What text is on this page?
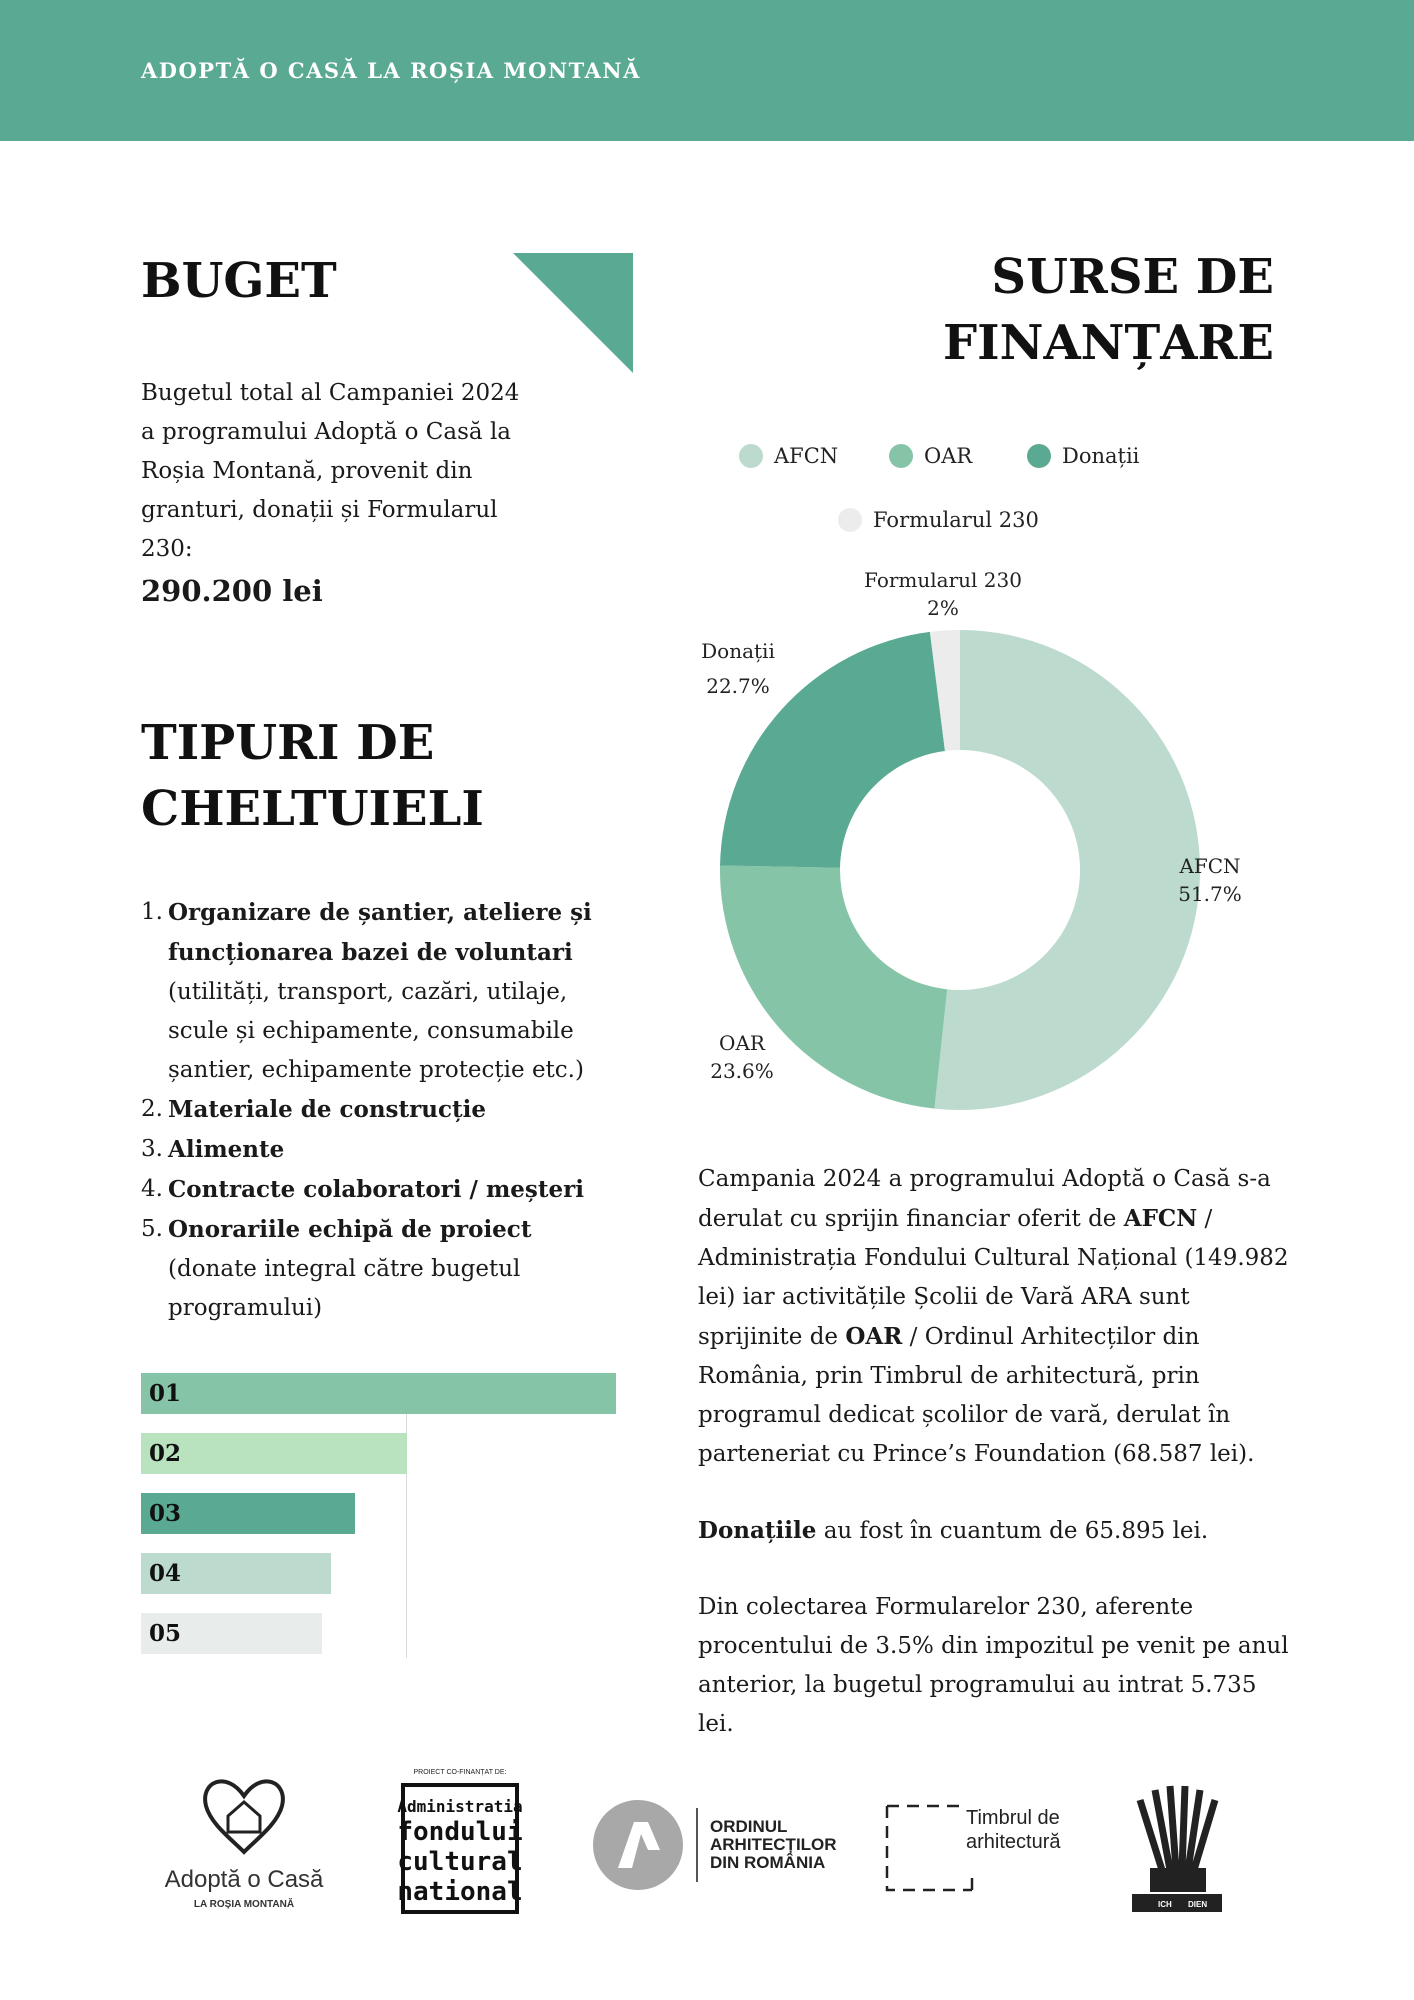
ADOPTĂ O CASĂ LA ROȘIA MONTANĂ
BUGET
Bugetul total al Campaniei 2024 a programului Adoptă o Casă la Roșia Montană, provenit din granturi, donații și Formularul 230:
290.200 lei
SURSE DE
FINANȚARE
TIPURI DE
CHELTUIELI
1. Organizare de șantier, ateliere și funcționarea bazei de voluntari (utilități, transport, cazări, utilaje, scule și echipamente, consumabile șantier, echipamente protecție etc.)
2. Materiale de construcție
3. Alimente
4. Contracte colaboratori / meșteri
5. Onorariile echipă de proiect (donate integral către bugetul programului)
01
02
03
04
05
AFCN	OAR	Donații
Formularul 230
AFCN
51.7%
OAR
23.6%
Donații
22.7%
Formularul 230
2%

Campania 2024 a programului Adoptă o Casă s-a derulat cu sprijin financiar oferit de AFCN / Administrația Fondului Cultural Național (149.982 lei) iar activitățile Școlii de Vară ARA sunt sprijinite de OAR / Ordinul Arhitecților din România, prin Timbrul de arhitectură, prin programul dedicat școlilor de vară, derulat în parteneriat cu Prince’s Foundation (68.587 lei).

Donațiile au fost în cuantum de 65.895 lei.

Din colectarea Formularelor 230, aferente procentului de 3.5% din impozitul pe venit pe anul anterior, la bugetul programului au intrat 5.735 lei.

Adoptă o Casă
LA ROȘIA MONTANĂ
PROIECT CO-FINANȚAT DE:
Administratia
fondului
cultural
national
ORDINUL
ARHITECȚILOR
DIN ROMÂNIA
Timbrul de
arhitectură
ICH DIEN
